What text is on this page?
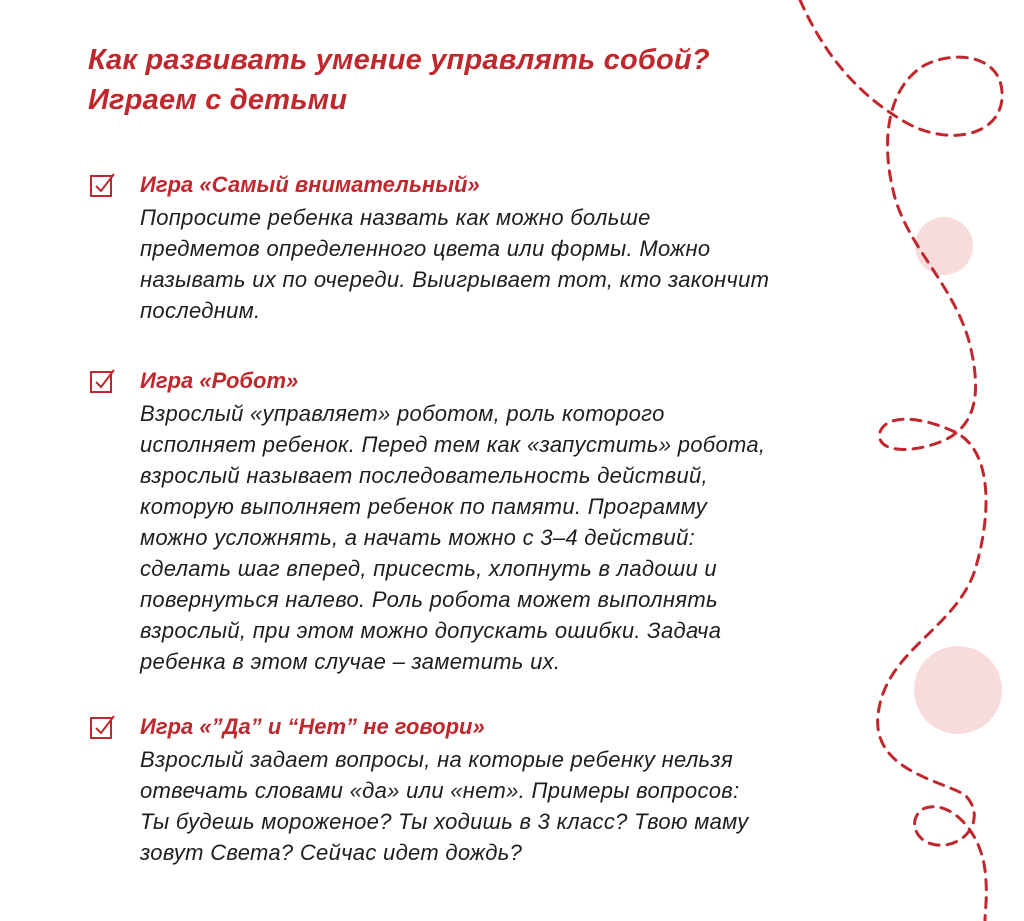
Как развивать умение управлять собой?
Играем с детьми
Игра «Самый внимательный»

Попросите ребенка назвать как можно больше
предметов определенного цвета или формы. Можно
называть их по очереди. Выигрывает тот, кто закончит
последним.

Игра «Робот»

Взрослый «управляет» роботом, роль которого
исполняет ребенок. Перед тем как «запустить» робота,
взрослый называет последовательность действий,
которую выполняет ребенок по памяти. Программу
можно усложнять, а начать можно с 3–4 действий:
сделать шаг вперед, присесть, хлопнуть в ладоши и
повернуться налево. Роль робота может выполнять
взрослый, при этом можно допускать ошибки. Задача
ребенка в этом случае – заметить их.

Игра «”Да” и “Нет” не говори»

Взрослый задает вопросы, на которые ребенку нельзя
отвечать словами «да» или «нет». Примеры вопросов:
Ты будешь мороженое? Ты ходишь в 3 класс? Твою маму
зовут Света? Сейчас идет дождь?
